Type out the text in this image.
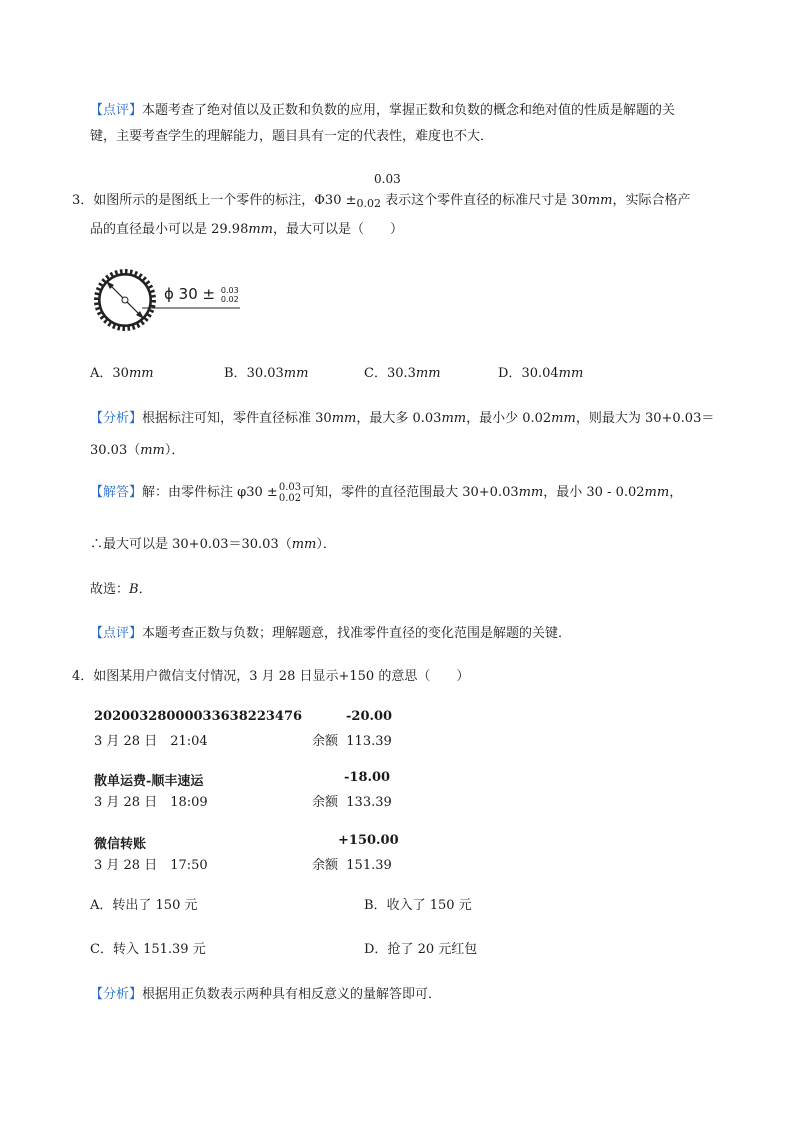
【点评】本题考查了绝对值以及正数和负数的应用，掌握正数和负数的概念和绝对值的性质是解题的关
键，主要考查学生的理解能力，题目具有一定的代表性，难度也不大．
0.03
3．如图所示的是图纸上一个零件的标注，$\Phi 30 \pm_{0.02}$ 表示这个零件直径的标准尺寸是 30mm，实际合格产
品的直径最小可以是 29.98mm，最大可以是（　　）
ϕ 30 ± 0.03
0.02
A．30mm	B．30.03mm	C．30.3mm	D．30.04mm
【分析】根据标注可知，零件直径标准 30mm，最大多 0.03mm，最小少 0.02mm，则最大为 30+0.03＝
30.03（mm）．
【解答】解：由零件标注 φ30 ± 0.03
0.02 可知，零件的直径范围最大 30+0.03mm，最小 30 - 0.02mm，
∴最大可以是 30+0.03＝30.03（mm）．
故选：B．
【点评】本题考查正数与负数；理解题意，找准零件直径的变化范围是解题的关键．
4．如图某用户微信支付情况，3 月 28 日显示+150 的意思（　　）
20200328000033638223476	-20.00
3 月 28 日　21:04	余额 113.39
散单运费-顺丰速运	-18.00
3 月 28 日　18:09	余额 133.39
微信转账	+150.00
3 月 28 日　17:50	余额 151.39
A．转出了 150 元	B．收入了 150 元
C．转入 151.39 元	D．抢了 20 元红包
【分析】根据用正负数表示两种具有相反意义的量解答即可．
